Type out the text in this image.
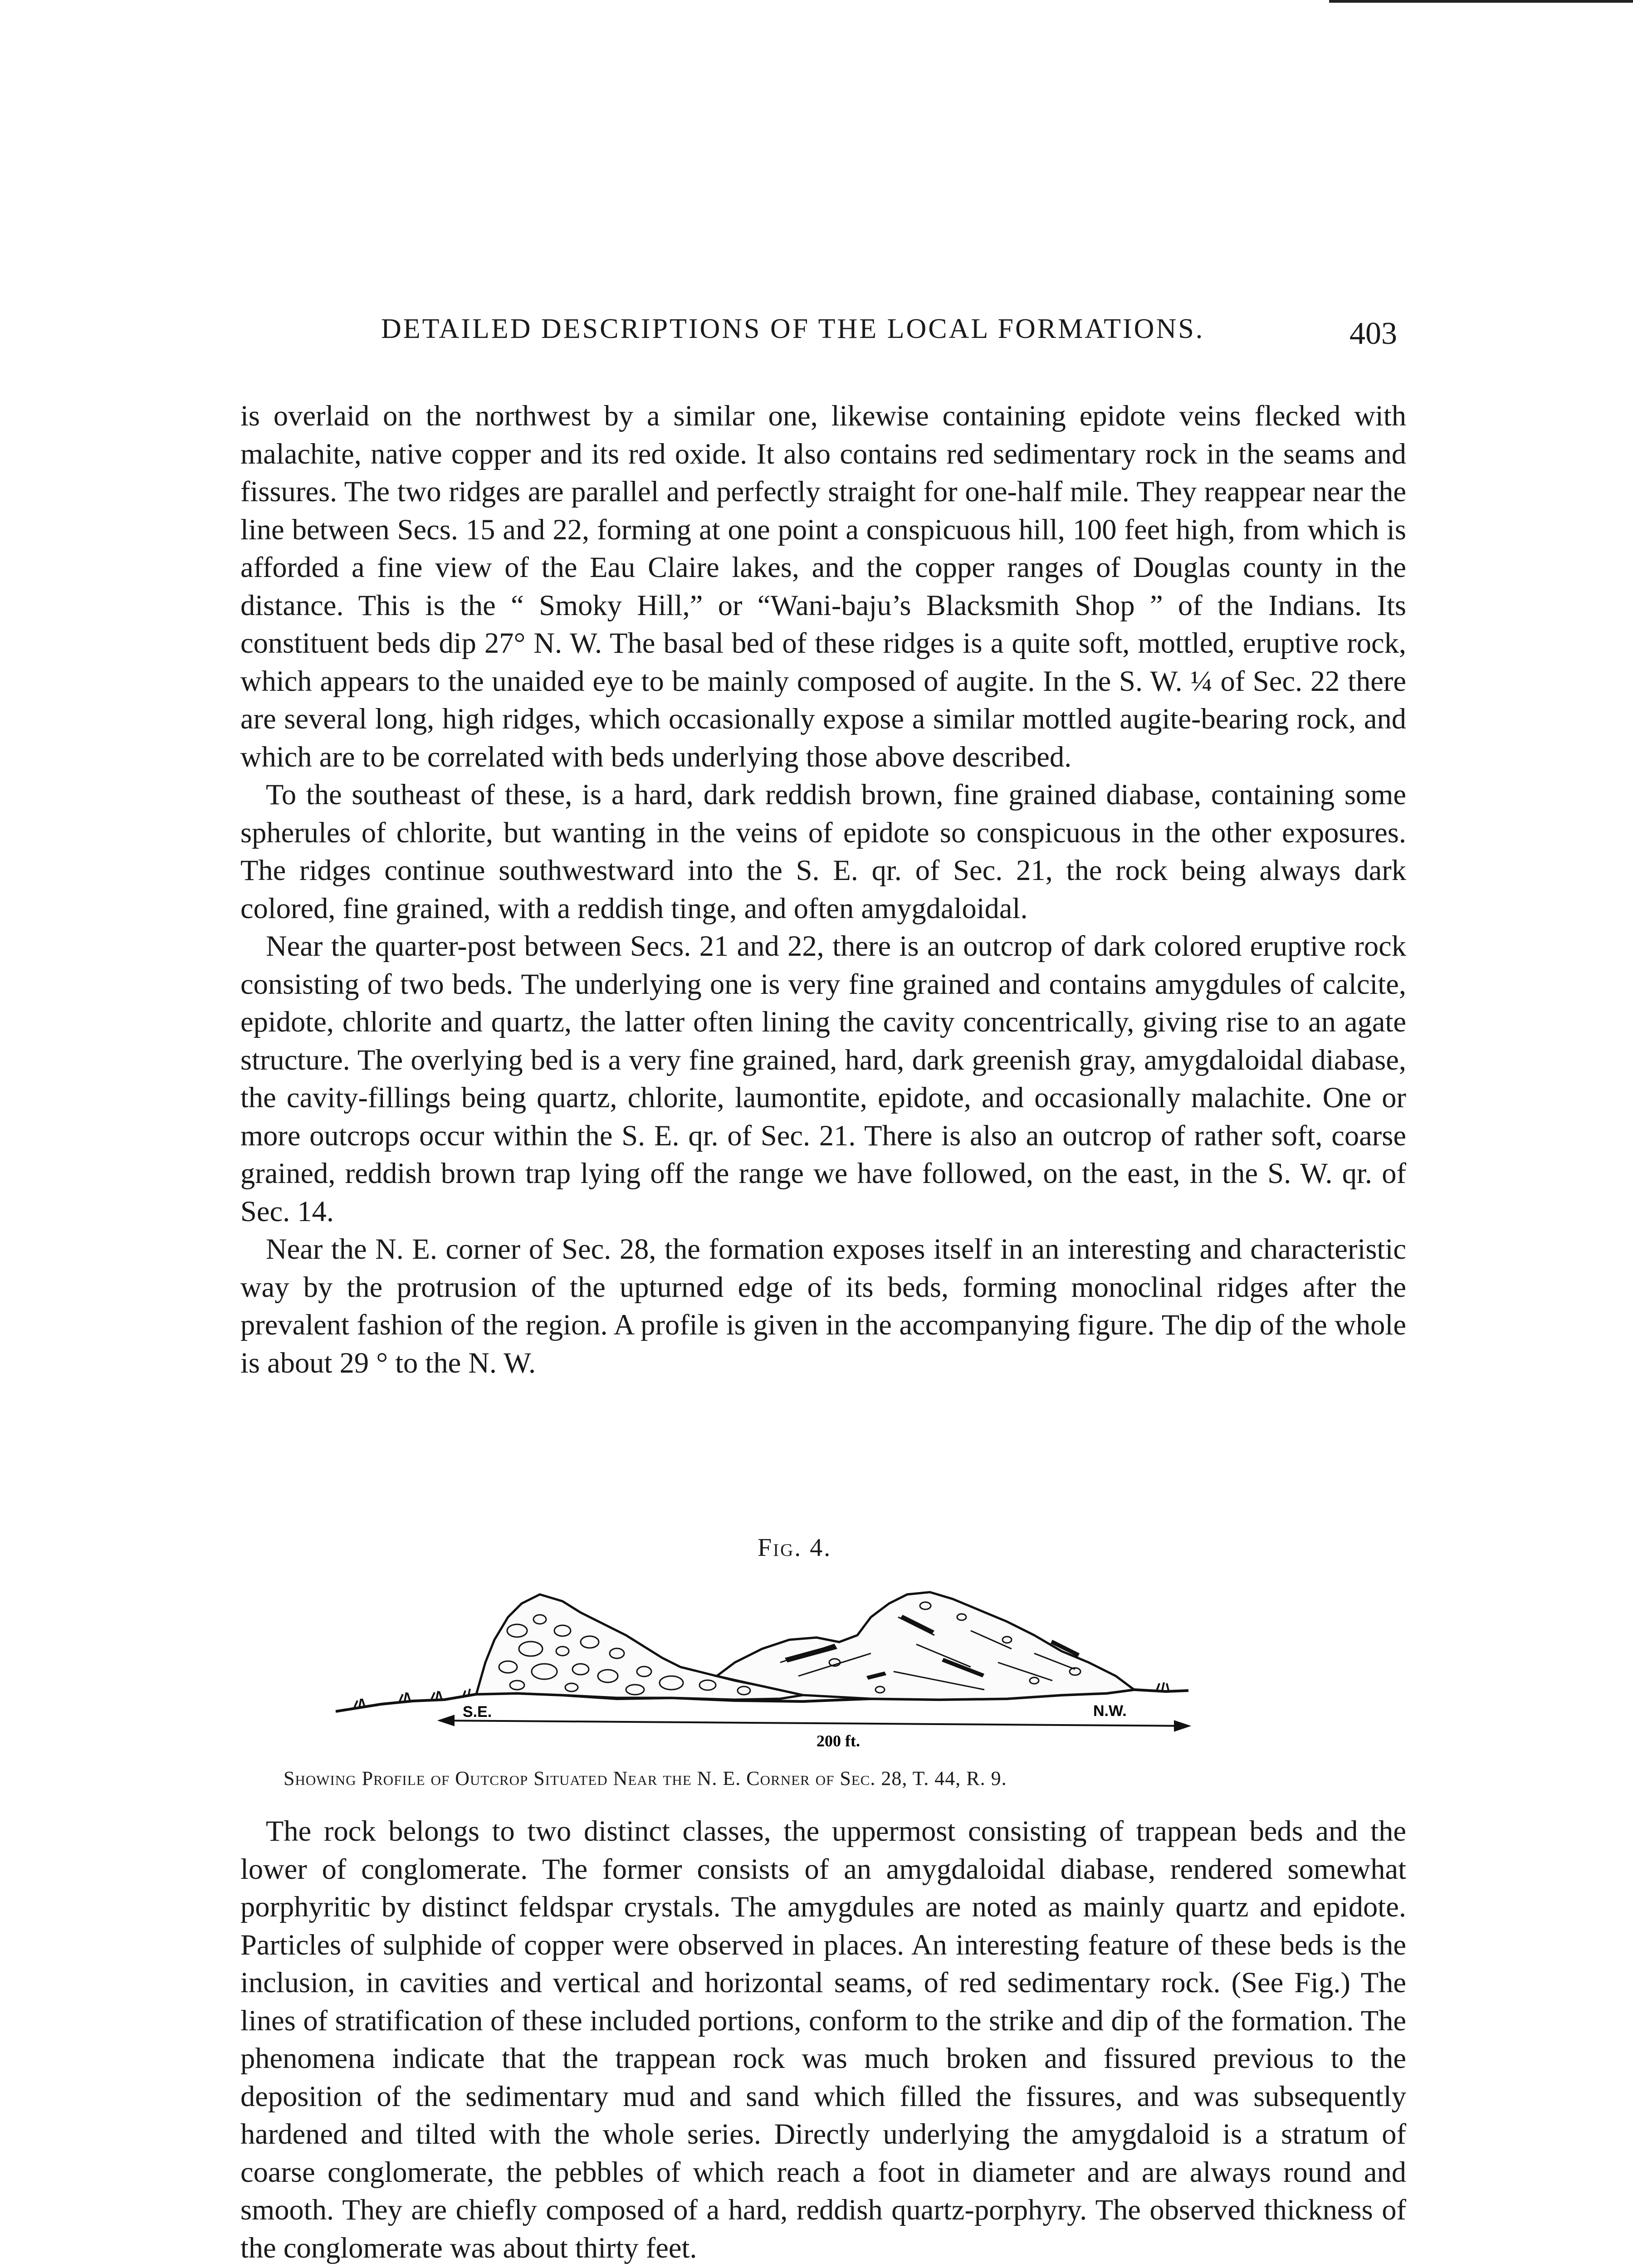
DETAILED DESCRIPTIONS OF THE LOCAL FORMATIONS.	403

is overlaid on the northwest by a similar one, likewise containing epidote veins flecked with malachite, native copper and its red oxide. It also contains red sedimentary rock in the seams and fissures. The two ridges are parallel and perfectly straight for one-half mile. They reappear near the line between Secs. 15 and 22, forming at one point a conspicuous hill, 100 feet high, from which is afforded a fine view of the Eau Claire lakes, and the copper ranges of Douglas county in the distance. This is the “ Smoky Hill,” or “Wani-baju’s Blacksmith Shop ” of the Indians. Its constituent beds dip 27° N. W. The basal bed of these ridges is a quite soft, mottled, eruptive rock, which appears to the unaided eye to be mainly composed of augite. In the S. W. ¼ of Sec. 22 there are several long, high ridges, which occasionally expose a similar mottled augite-bearing rock, and which are to be correlated with beds underlying those above described.

To the southeast of these, is a hard, dark reddish brown, fine grained diabase, containing some spherules of chlorite, but wanting in the veins of epidote so conspicuous in the other exposures. The ridges continue southwestward into the S. E. qr. of Sec. 21, the rock being always dark colored, fine grained, with a reddish tinge, and often amygdaloidal.

Near the quarter-post between Secs. 21 and 22, there is an outcrop of dark colored eruptive rock consisting of two beds. The underlying one is very fine grained and contains amygdules of calcite, epidote, chlorite and quartz, the latter often lining the cavity concentrically, giving rise to an agate structure. The overlying bed is a very fine grained, hard, dark greenish gray, amygdaloidal diabase, the cavity-fillings being quartz, chlorite, laumontite, epidote, and occasionally malachite. One or more outcrops occur within the S. E. qr. of Sec. 21. There is also an outcrop of rather soft, coarse grained, reddish brown trap lying off the range we have followed, on the east, in the S. W. qr. of Sec. 14.

Near the N. E. corner of Sec. 28, the formation exposes itself in an interesting and characteristic way by the protrusion of the upturned edge of its beds, forming monoclinal ridges after the prevalent fashion of the region. A profile is given in the accompanying figure. The dip of the whole is about 29 ° to the N. W.

S.E.	N.W.
200 ft.
Fig. 4.
Showing Profile of Outcrop Situated Near the N. E. Corner of Sec. 28, T. 44, R. 9.

The rock belongs to two distinct classes, the uppermost consisting of trappean beds and the lower of conglomerate. The former consists of an amygdaloidal diabase, rendered somewhat porphyritic by distinct feldspar crystals. The amygdules are noted as mainly quartz and epidote. Particles of sulphide of copper were observed in places. An interesting feature of these beds is the inclusion, in cavities and vertical and horizontal seams, of red sedimentary rock. (See Fig.) The lines of stratification of these included portions, conform to the strike and dip of the formation. The phenomena indicate that the trappean rock was much broken and fissured previous to the deposition of the sedimentary mud and sand which filled the fissures, and was subsequently hardened and tilted with the whole series. Directly underlying the amygdaloid is a stratum of coarse conglomerate, the pebbles of which reach a foot in diameter and are always round and smooth. They are chiefly composed of a hard, reddish quartz-porphyry. The observed thickness of the conglomerate was about thirty feet.
